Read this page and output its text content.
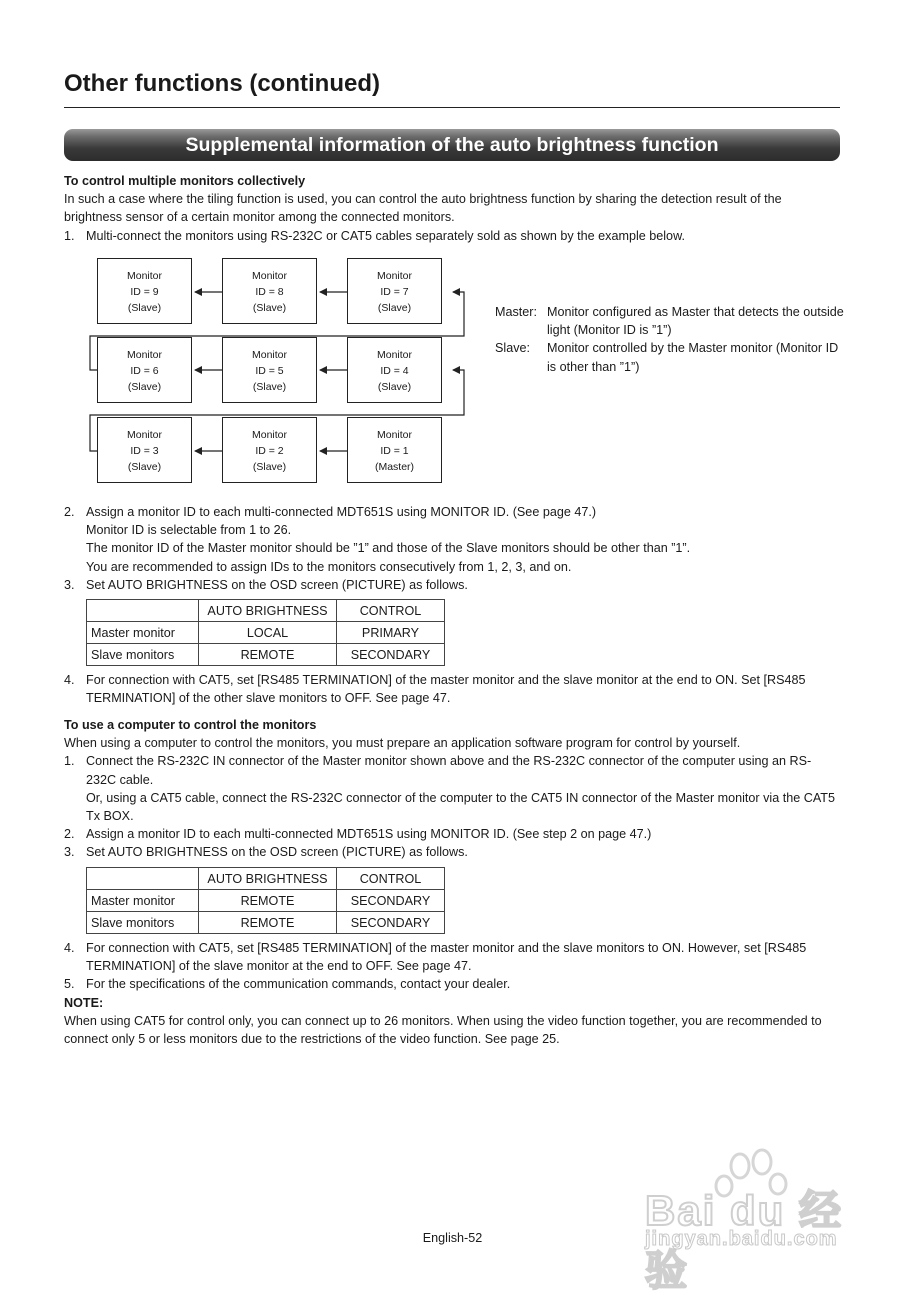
Other functions (continued)
Supplemental information of the auto brightness function
To control multiple monitors collectively
In such a case where the tiling function is used, you can control the auto brightness function by sharing the detection result of the brightness sensor of a certain monitor among the connected monitors.
1. Multi-connect the monitors using RS-232C or CAT5 cables separately sold as shown by the example below.
Monitor
ID = 9
(Slave)
Monitor
ID = 8
(Slave)
Monitor
ID = 7
(Slave)
Monitor
ID = 6
(Slave)
Monitor
ID = 5
(Slave)
Monitor
ID = 4
(Slave)
Monitor
ID = 3
(Slave)
Monitor
ID = 2
(Slave)
Monitor
ID = 1
(Master)
Master: Monitor configured as Master that detects the outside light (Monitor ID is ”1”)
Slave: Monitor controlled by the Master monitor (Monitor ID is other than ”1”)
2. Assign a monitor ID to each multi-connected MDT651S using MONITOR ID. (See page 47.)
Monitor ID is selectable from 1 to 26.
The monitor ID of the Master monitor should be ”1” and those of the Slave monitors should be other than ”1”.
You are recommended to assign IDs to the monitors consecutively from 1, 2, 3, and on.
3. Set AUTO BRIGHTNESS on the OSD screen (PICTURE) as follows.
	AUTO BRIGHTNESS	CONTROL
Master monitor	LOCAL	PRIMARY
Slave monitors	REMOTE	SECONDARY
4. For connection with CAT5, set [RS485 TERMINATION] of the master monitor and the slave monitor at the end to ON. Set [RS485 TERMINATION] of the other slave monitors to OFF. See page 47.
To use a computer to control the monitors
When using a computer to control the monitors, you must prepare an application software program for control by yourself.
1. Connect the RS-232C IN connector of the Master monitor shown above and the RS-232C connector of the computer using an RS-232C cable.
Or, using a CAT5 cable, connect the RS-232C connector of the computer to the CAT5 IN connector of the Master monitor via the CAT5 Tx BOX.
2. Assign a monitor ID to each multi-connected MDT651S using MONITOR ID. (See step 2 on page 47.)
3. Set AUTO BRIGHTNESS on the OSD screen (PICTURE) as follows.
	AUTO BRIGHTNESS	CONTROL
Master monitor	REMOTE	SECONDARY
Slave monitors	REMOTE	SECONDARY
4. For connection with CAT5, set [RS485 TERMINATION] of the master monitor and the slave monitors to ON. However, set [RS485 TERMINATION] of the slave monitor at the end to OFF. See page 47.
5. For the specifications of the communication commands, contact your dealer.
NOTE:
When using CAT5 for control only, you can connect up to 26 monitors. When using the video function together, you are recommended to connect only 5 or less monitors due to the restrictions of the video function. See page 25.
Bai du 经验
jingyan.baidu.com
English-52
